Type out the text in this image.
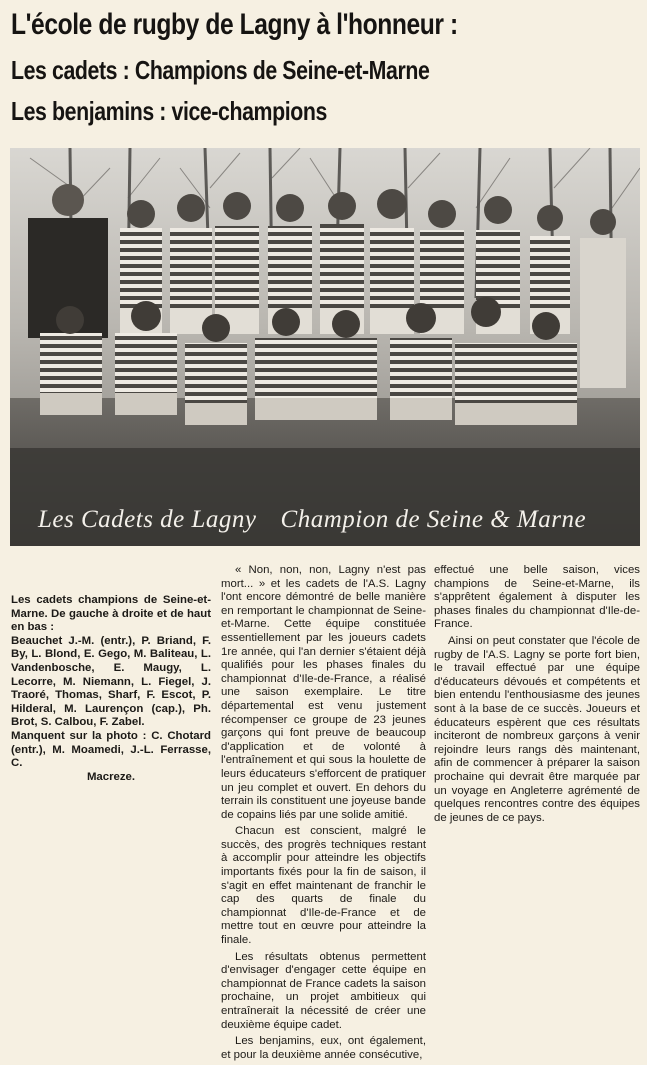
L'école de rugby de Lagny à l'honneur :
Les cadets : Champions de Seine-et-Marne
Les benjamins : vice-champions
Les Cadets de Lagny Champion de Seine & Marne

Les cadets champions de Seine-et-Marne. De gauche à droite et de haut en bas :

Beauchet J.-M. (entr.), P. Briand, F. By, L. Blond, E. Gego, M. Baliteau, L. Vandenbosche, E. Maugy, L. Lecorre, M. Niemann, L. Fiegel, J. Traoré, Thomas, Sharf, F. Escot, P. Hilderal, M. Laurençon (cap.), Ph. Brot, S. Calbou, F. Zabel.

Manquent sur la photo : C. Chotard (entr.), M. Moamedi, J.-L. Ferrasse, C.

Macreze.

« Non, non, non, Lagny n'est pas mort... » et les cadets de l'A.S. Lagny l'ont encore démontré de belle manière en remportant le championnat de Seine-et-Marne. Cette équipe constituée essentiellement par les joueurs cadets 1re année, qui l'an dernier s'étaient déjà qualifiés pour les phases finales du championnat d'Ile-de-France, a réalisé une saison exemplaire. Le titre départemental est venu justement récompenser ce groupe de 23 jeunes garçons qui font preuve de beaucoup d'application et de volonté à l'entraînement et qui sous la houlette de leurs éducateurs s'efforcent de pratiquer un jeu complet et ouvert. En dehors du terrain ils constituent une joyeuse bande de copains liés par une solide amitié.

Chacun est conscient, malgré le succès, des progrès techniques restant à accomplir pour atteindre les objectifs importants fixés pour la fin de saison, il s'agit en effet maintenant de franchir le cap des quarts de finale du championnat d'Ile-de-France et de mettre tout en œuvre pour atteindre la finale.

Les résultats obtenus permettent d'envisager d'engager cette équipe en championnat de France cadets la saison prochaine, un projet ambitieux qui entraînerait la nécessité de créer une deuxième équipe cadet.

Les benjamins, eux, ont également, et pour la deuxième année consécutive,

effectué une belle saison, vices champions de Seine-et-Marne, ils s'apprêtent également à disputer les phases finales du championnat d'Ile-de-France.

Ainsi on peut constater que l'école de rugby de l'A.S. Lagny se porte fort bien, le travail effectué par une équipe d'éducateurs dévoués et compétents et bien entendu l'enthousiasme des jeunes sont à la base de ce succès. Joueurs et éducateurs espèrent que ces résultats inciteront de nombreux garçons à venir rejoindre leurs rangs dès maintenant, afin de commencer à préparer la saison prochaine qui devrait être marquée par un voyage en Angleterre agrémenté de quelques rencontres contre des équipes de jeunes de ce pays.
